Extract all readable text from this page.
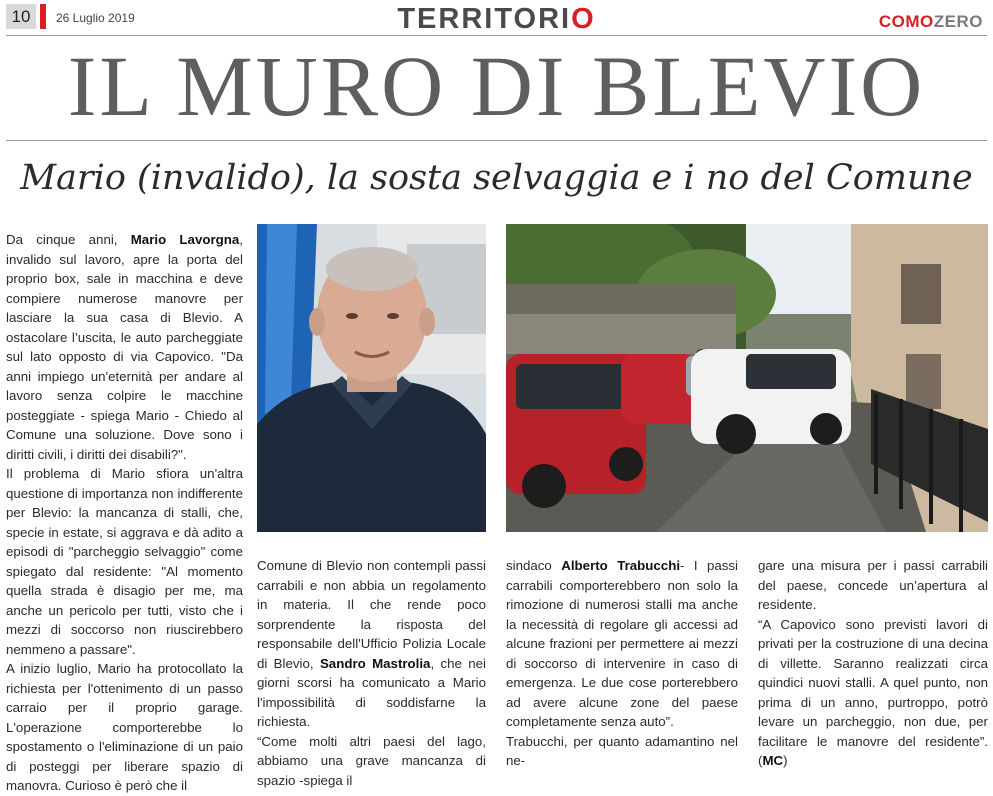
10	26 Luglio 2019	TERRITORIO	COMOZERO
IL MURO DI BLEVIO
Mario (invalido), la sosta selvaggia e i no del Comune

Da cinque anni, Mario Lavorgna, invalido sul lavoro, apre la porta del proprio box, sale in macchina e deve compiere numerose manovre per lasciare la sua casa di Blevio. A ostacolare l’uscita, le auto parcheggiate sul lato opposto di via Capovico. "Da anni impiego un'eternità per andare al lavoro senza colpire le macchine posteggiate - spiega Mario - Chiedo al Comune una soluzione. Dove sono i diritti civili, i diritti dei disabili?".

Il problema di Mario sfiora un'altra questione di importanza non indifferente per Blevio: la mancanza di stalli, che, specie in estate, si aggrava e dà adito a episodi di "parcheggio selvaggio" come spiegato dal residente: "Al momento quella strada è disagio per me, ma anche un pericolo per tutti, visto che i mezzi di soccorso non riuscirebbero nemmeno a passare".

A inizio luglio, Mario ha protocollato la richiesta per l'ottenimento di un passo carraio per il proprio garage. L'operazione comporterebbe lo spostamento o l'eliminazione di un paio di posteggi per liberare spazio di manovra. Curioso è però che il

Comune di Blevio non contempli passi carrabili e non abbia un regolamento in materia. Il che rende poco sorprendente la risposta del responsabile dell'Ufficio Polizia Locale di Blevio, Sandro Mastrolia, che nei giorni scorsi ha comunicato a Mario l'impossibilità di soddisfarne la richiesta.

“Come molti altri paesi del lago, abbiamo una grave mancanza di spazio -spiega il

sindaco Alberto Trabucchi- I passi carrabili comporterebbero non solo la rimozione di numerosi stalli ma anche la necessità di regolare gli accessi ad alcune frazioni per permettere ai mezzi di soccorso di intervenire in caso di emergenza. Le due cose porterebbero ad avere alcune zone del paese completamente senza auto”.

Trabucchi, per quanto adamantino nel ne-

gare una misura per i passi carrabili del paese, concede un’apertura al residente.

“A Capovico sono previsti lavori di privati per la costruzione di una decina di villette. Saranno realizzati circa quindici nuovi stalli. A quel punto, non prima di un anno, purtroppo, potrò levare un parcheggio, non due, per facilitare le manovre del residente”. (MC)
